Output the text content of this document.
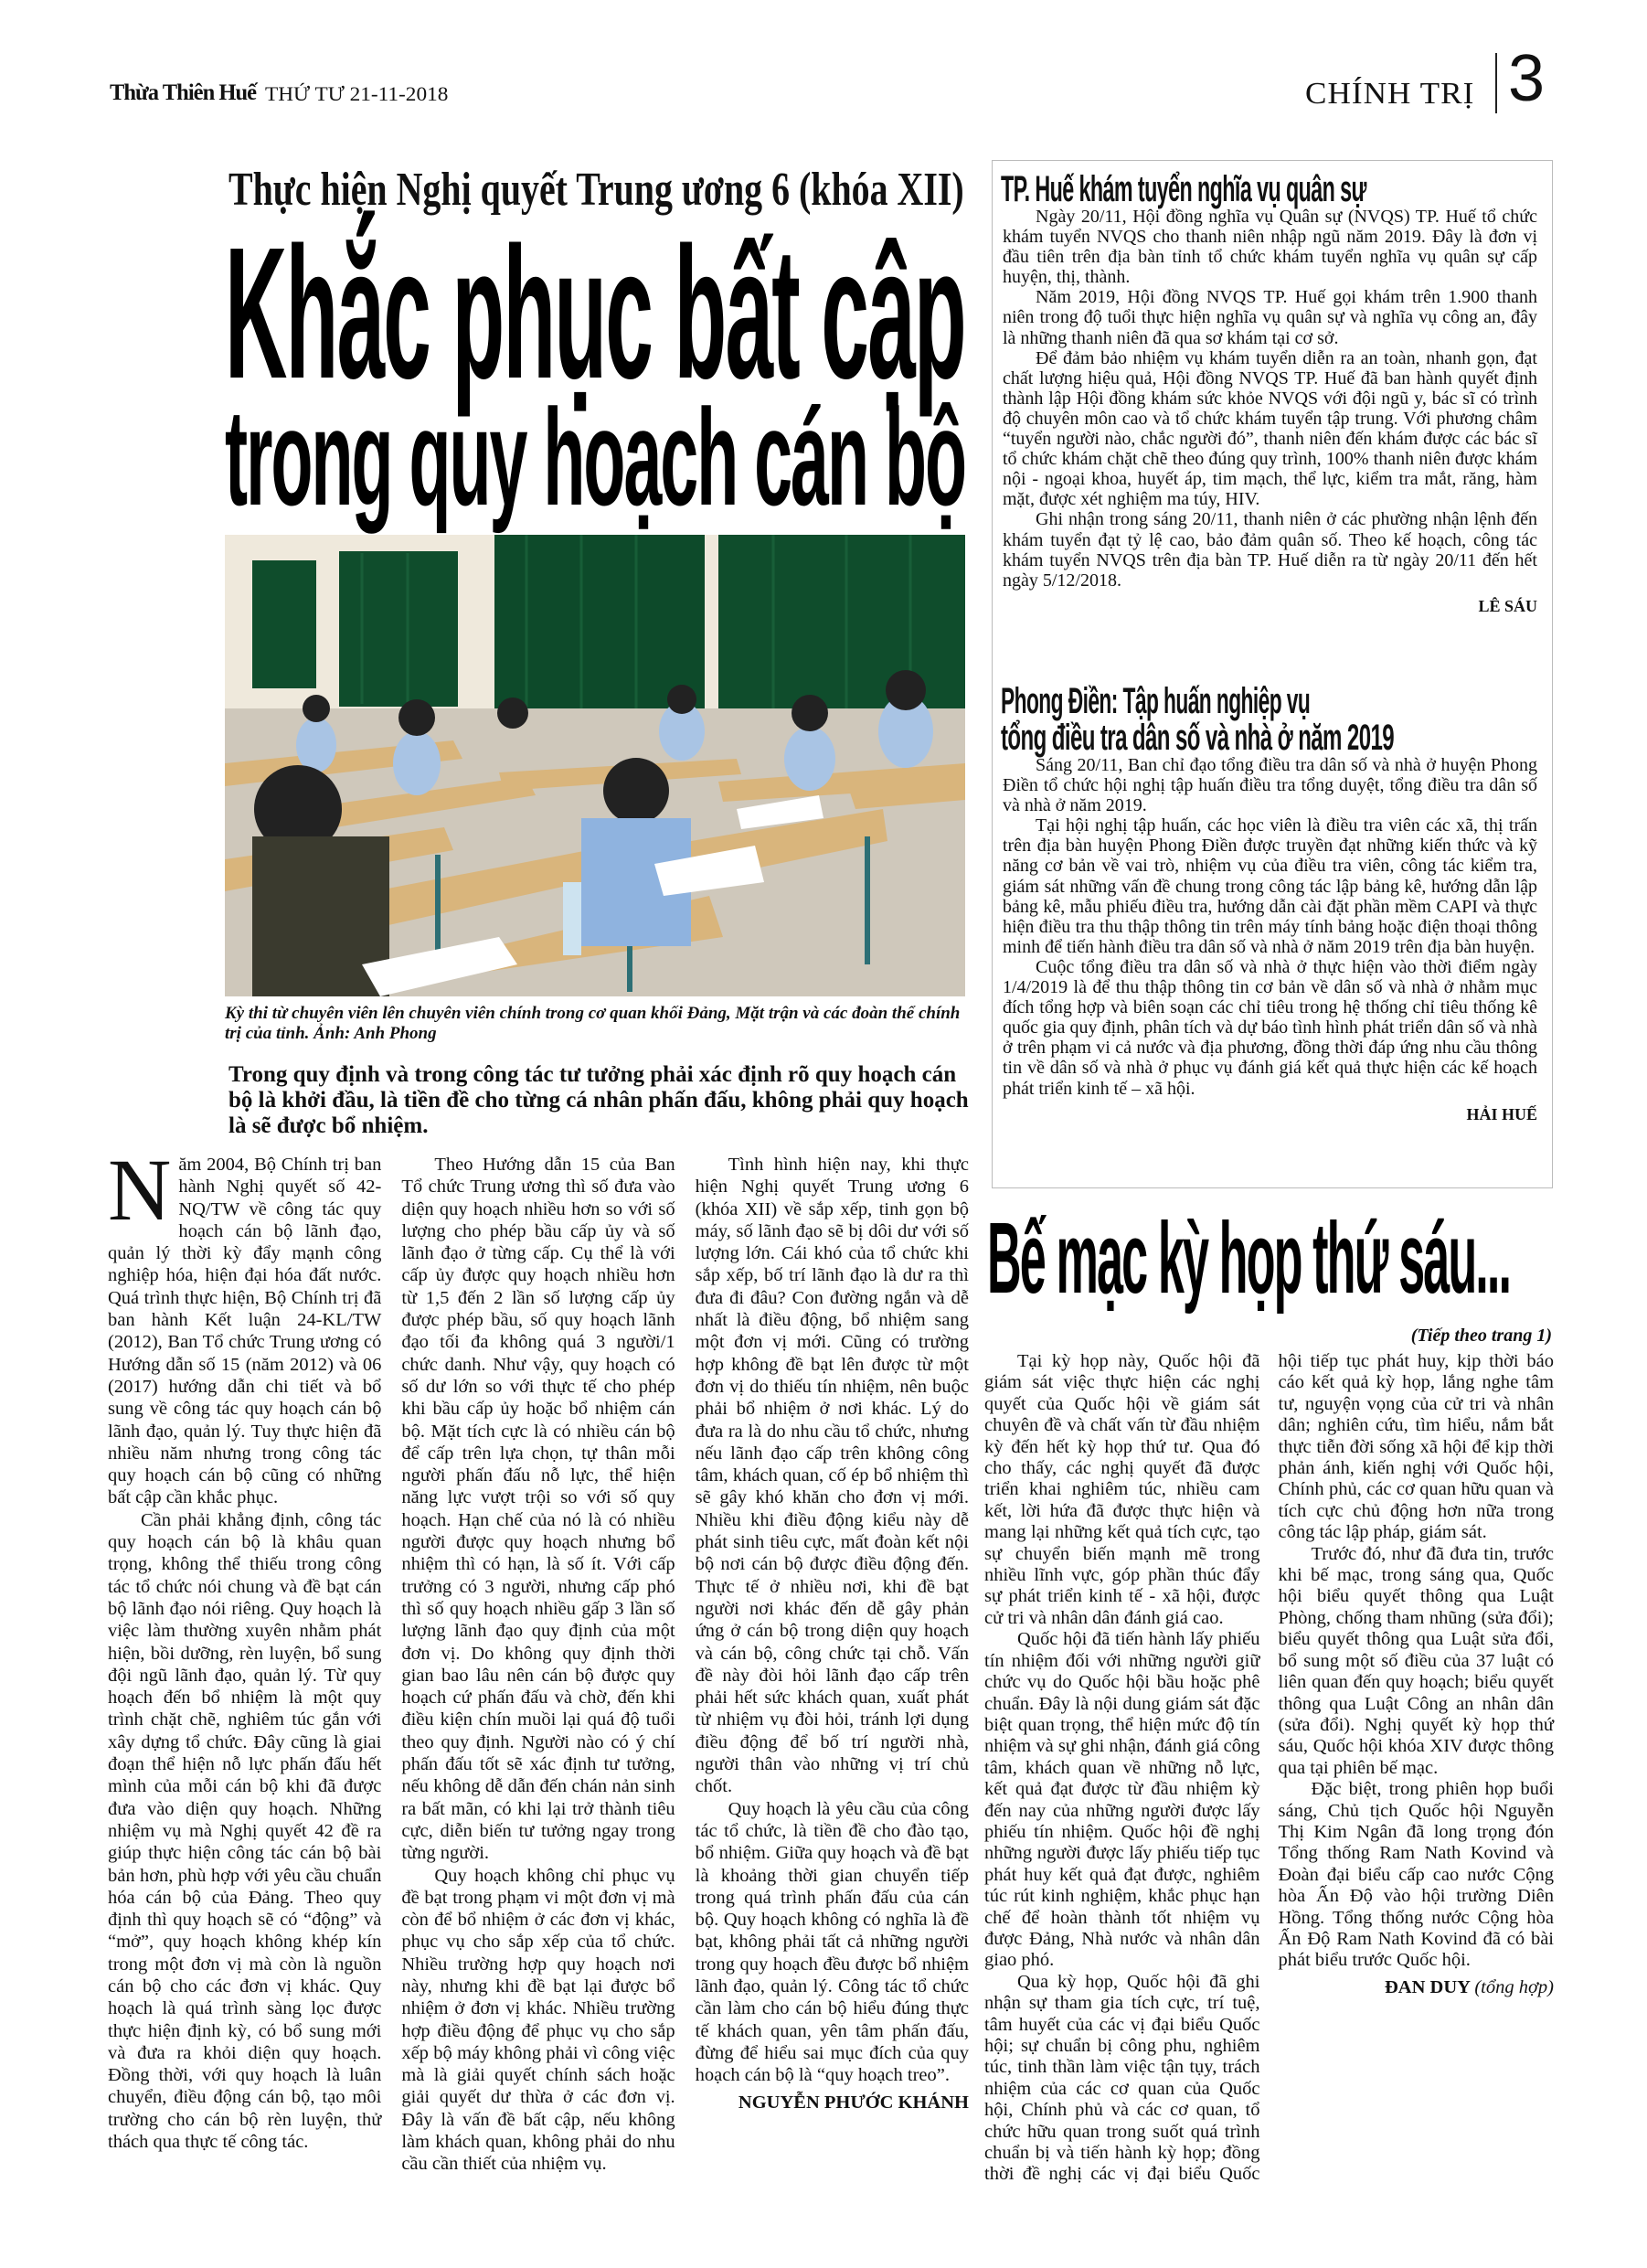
Thừa Thiên Huế THỨ TƯ 21-11-2018	CHÍNH TRỊ 3
Thực hiện Nghị quyết Trung ương 6 (khóa XII)
Khắc phục bất cập
trong quy hoạch cán bộ
Kỳ thi từ chuyên viên lên chuyên viên chính trong cơ quan khối Đảng, Mặt trận và các đoàn thể chính trị của tỉnh. Ảnh: Anh Phong
Trong quy định và trong công tác tư tưởng phải xác định rõ quy hoạch cán bộ là khởi đầu, là tiền đề cho từng cá nhân phấn đấu, không phải quy hoạch là sẽ được bổ nhiệm.

Năm 2004, Bộ Chính trị ban hành Nghị quyết số 42- NQ/TW về công tác quy hoạch cán bộ lãnh đạo, quản lý thời kỳ đẩy mạnh công nghiệp hóa, hiện đại hóa đất nước. Quá trình thực hiện, Bộ Chính trị đã ban hành Kết luận 24-KL/TW (2012), Ban Tổ chức Trung ương có Hướng dẫn số 15 (năm 2012) và 06 (2017) hướng dẫn chi tiết và bổ sung về công tác quy hoạch cán bộ lãnh đạo, quản lý. Tuy thực hiện đã nhiều năm nhưng trong công tác quy hoạch cán bộ cũng có những bất cập cần khắc phục.

Cần phải khẳng định, công tác quy hoạch cán bộ là khâu quan trọng, không thể thiếu trong công tác tổ chức nói chung và đề bạt cán bộ lãnh đạo nói riêng. Quy hoạch là việc làm thường xuyên nhằm phát hiện, bồi dưỡng, rèn luyện, bổ sung đội ngũ lãnh đạo, quản lý. Từ quy hoạch đến bổ nhiệm là một quy trình chặt chẽ, nghiêm túc gắn với xây dựng tổ chức. Đây cũng là giai đoạn thể hiện nỗ lực phấn đấu hết mình của mỗi cán bộ khi đã được đưa vào diện quy hoạch. Những nhiệm vụ mà Nghị quyết 42 đề ra giúp thực hiện công tác cán bộ bài bản hơn, phù hợp với yêu cầu chuẩn hóa cán bộ của Đảng. Theo quy định thì quy hoạch sẽ có “động” và “mở”, quy hoạch không khép kín trong một đơn vị mà còn là nguồn cán bộ cho các đơn vị khác. Quy hoạch là quá trình sàng lọc được thực hiện định kỳ, có bổ sung mới và đưa ra khỏi diện quy hoạch. Đồng thời, với quy hoạch là luân chuyển, điều động cán bộ, tạo môi trường cho cán bộ rèn luyện, thử thách qua thực tế công tác.

Theo Hướng dẫn 15 của Ban Tổ chức Trung ương thì số đưa vào diện quy hoạch nhiều hơn so với số lượng cho phép bầu cấp ủy và số lãnh đạo ở từng cấp. Cụ thể là với cấp ủy được quy hoạch nhiều hơn từ 1,5 đến 2 lần số lượng cấp ủy được phép bầu, số quy hoạch lãnh đạo tối đa không quá 3 người/1 chức danh. Như vậy, quy hoạch có số dư lớn so với thực tế cho phép khi bầu cấp ủy hoặc bổ nhiệm cán bộ. Mặt tích cực là có nhiều cán bộ để cấp trên lựa chọn, tự thân mỗi người phấn đấu nỗ lực, thể hiện năng lực vượt trội so với số quy hoạch. Hạn chế của nó là có nhiều người được quy hoạch nhưng bổ nhiệm thì có hạn, là số ít. Với cấp trưởng có 3 người, nhưng cấp phó thì số quy hoạch nhiều gấp 3 lần số lượng lãnh đạo quy định của một đơn vị. Do không quy định thời gian bao lâu nên cán bộ được quy hoạch cứ phấn đấu và chờ, đến khi điều kiện chín muồi lại quá độ tuổi theo quy định. Người nào có ý chí phấn đấu tốt sẽ xác định tư tưởng, nếu không dễ dẫn đến chán nản sinh ra bất mãn, có khi lại trở thành tiêu cực, diễn biến tư tưởng ngay trong từng người.

Quy hoạch không chỉ phục vụ đề bạt trong phạm vi một đơn vị mà còn để bổ nhiệm ở các đơn vị khác, phục vụ cho sắp xếp của tổ chức. Nhiều trường hợp quy hoạch nơi này, nhưng khi đề bạt lại được bổ nhiệm ở đơn vị khác. Nhiều trường hợp điều động để phục vụ cho sắp xếp bộ máy không phải vì công việc mà là giải quyết chính sách hoặc giải quyết dư thừa ở các đơn vị. Đây là vấn đề bất cập, nếu không làm khách quan, không phải do nhu cầu cần thiết của nhiệm vụ.

Tình hình hiện nay, khi thực hiện Nghị quyết Trung ương 6 (khóa XII) về sắp xếp, tinh gọn bộ máy, số lãnh đạo sẽ bị dôi dư với số lượng lớn. Cái khó của tổ chức khi sắp xếp, bố trí lãnh đạo là dư ra thì đưa đi đâu? Con đường ngắn và dễ nhất là điều động, bổ nhiệm sang một đơn vị mới. Cũng có trường hợp không đề bạt lên được từ một đơn vị do thiếu tín nhiệm, nên buộc phải bổ nhiệm ở nơi khác. Lý do đưa ra là do nhu cầu tổ chức, nhưng nếu lãnh đạo cấp trên không công tâm, khách quan, cố ép bổ nhiệm thì sẽ gây khó khăn cho đơn vị mới. Nhiều khi điều động kiểu này dễ phát sinh tiêu cực, mất đoàn kết nội bộ nơi cán bộ được điều động đến. Thực tế ở nhiều nơi, khi đề bạt người nơi khác đến dễ gây phản ứng ở cán bộ trong diện quy hoạch và cán bộ, công chức tại chỗ. Vấn đề này đòi hỏi lãnh đạo cấp trên phải hết sức khách quan, xuất phát từ nhiệm vụ đòi hỏi, tránh lợi dụng điều động để bố trí người nhà, người thân vào những vị trí chủ chốt.

Quy hoạch là yêu cầu của công tác tổ chức, là tiền đề cho đào tạo, bổ nhiệm. Giữa quy hoạch và đề bạt là khoảng thời gian chuyển tiếp trong quá trình phấn đấu của cán bộ. Quy hoạch không có nghĩa là đề bạt, không phải tất cả những người trong quy hoạch đều được bổ nhiệm lãnh đạo, quản lý. Công tác tổ chức cần làm cho cán bộ hiểu đúng thực tế khách quan, yên tâm phấn đấu, đừng để hiểu sai mục đích của quy hoạch cán bộ là “quy hoạch treo”.

NGUYỄN PHƯỚC KHÁNH

TP. Huế khám tuyển nghĩa vụ quân sự

Ngày 20/11, Hội đồng nghĩa vụ Quân sự (NVQS) TP. Huế tổ chức khám tuyển NVQS cho thanh niên nhập ngũ năm 2019. Đây là đơn vị đầu tiên trên địa bàn tỉnh tổ chức khám tuyển nghĩa vụ quân sự cấp huyện, thị, thành.

Năm 2019, Hội đồng NVQS TP. Huế gọi khám trên 1.900 thanh niên trong độ tuổi thực hiện nghĩa vụ quân sự và nghĩa vụ công an, đây là những thanh niên đã qua sơ khám tại cơ sở.

Để đảm bảo nhiệm vụ khám tuyển diễn ra an toàn, nhanh gọn, đạt chất lượng hiệu quả, Hội đồng NVQS TP. Huế đã ban hành quyết định thành lập Hội đồng khám sức khỏe NVQS với đội ngũ y, bác sĩ có trình độ chuyên môn cao và tổ chức khám tuyển tập trung. Với phương châm “tuyển người nào, chắc người đó”, thanh niên đến khám được các bác sĩ tổ chức khám chặt chẽ theo đúng quy trình, 100% thanh niên được khám nội - ngoại khoa, huyết áp, tim mạch, thể lực, kiểm tra mắt, răng, hàm mặt, được xét nghiệm ma túy, HIV.

Ghi nhận trong sáng 20/11, thanh niên ở các phường nhận lệnh đến khám tuyển đạt tỷ lệ cao, bảo đảm quân số. Theo kế hoạch, công tác khám tuyển NVQS trên địa bàn TP. Huế diễn ra từ ngày 20/11 đến hết ngày 5/12/2018.

LÊ SÁU

Phong Điền: Tập huấn nghiệp vụ
tổng điều tra dân số và nhà ở năm 2019

Sáng 20/11, Ban chỉ đạo tổng điều tra dân số và nhà ở huyện Phong Điền tổ chức hội nghị tập huấn điều tra tổng duyệt, tổng điều tra dân số và nhà ở năm 2019.

Tại hội nghị tập huấn, các học viên là điều tra viên các xã, thị trấn trên địa bàn huyện Phong Điền được truyền đạt những kiến thức và kỹ năng cơ bản về vai trò, nhiệm vụ của điều tra viên, công tác kiểm tra, giám sát những vấn đề chung trong công tác lập bảng kê, hướng dẫn lập bảng kê, mẫu phiếu điều tra, hướng dẫn cài đặt phần mềm CAPI và thực hiện điều tra thu thập thông tin trên máy tính bảng hoặc điện thoại thông minh để tiến hành điều tra dân số và nhà ở năm 2019 trên địa bàn huyện.

Cuộc tổng điều tra dân số và nhà ở thực hiện vào thời điểm ngày 1/4/2019 là để thu thập thông tin cơ bản về dân số và nhà ở nhằm mục đích tổng hợp và biên soạn các chỉ tiêu trong hệ thống chỉ tiêu thống kê quốc gia quy định, phân tích và dự báo tình hình phát triển dân số và nhà ở trên phạm vi cả nước và địa phương, đồng thời đáp ứng nhu cầu thông tin về dân số và nhà ở phục vụ đánh giá kết quả thực hiện các kế hoạch phát triển kinh tế – xã hội.

HẢI HUẾ

Bế mạc kỳ họp thứ sáu...
(Tiếp theo trang 1)

Tại kỳ họp này, Quốc hội đã giám sát việc thực hiện các nghị quyết của Quốc hội về giám sát chuyên đề và chất vấn từ đầu nhiệm kỳ đến hết kỳ họp thứ tư. Qua đó cho thấy, các nghị quyết đã được triển khai nghiêm túc, nhiều cam kết, lời hứa đã được thực hiện và mang lại những kết quả tích cực, tạo sự chuyển biến mạnh mẽ trong nhiều lĩnh vực, góp phần thúc đẩy sự phát triển kinh tế - xã hội, được cử tri và nhân dân đánh giá cao.

Quốc hội đã tiến hành lấy phiếu tín nhiệm đối với những người giữ chức vụ do Quốc hội bầu hoặc phê chuẩn. Đây là nội dung giám sát đặc biệt quan trọng, thể hiện mức độ tín nhiệm và sự ghi nhận, đánh giá công tâm, khách quan về những nỗ lực, kết quả đạt được từ đầu nhiệm kỳ đến nay của những người được lấy phiếu tín nhiệm. Quốc hội đề nghị những người được lấy phiếu tiếp tục phát huy kết quả đạt được, nghiêm túc rút kinh nghiệm, khắc phục hạn chế để hoàn thành tốt nhiệm vụ được Đảng, Nhà nước và nhân dân giao phó.

Qua kỳ họp, Quốc hội đã ghi nhận sự tham gia tích cực, trí tuệ, tâm huyết của các vị đại biểu Quốc hội; sự chuẩn bị công phu, nghiêm túc, tinh thần làm việc tận tụy, trách nhiệm của các cơ quan của Quốc hội, Chính phủ và các cơ quan, tổ chức hữu quan trong suốt quá trình chuẩn bị và tiến hành kỳ họp; đồng thời đề nghị các vị đại biểu Quốc hội tiếp tục phát huy, kịp thời báo cáo kết quả kỳ họp, lắng nghe tâm tư, nguyện vọng của cử tri và nhân dân; nghiên cứu, tìm hiểu, nắm bắt thực tiễn đời sống xã hội để kịp thời phản ánh, kiến nghị với Quốc hội, Chính phủ, các cơ quan hữu quan và tích cực chủ động hơn nữa trong công tác lập pháp, giám sát.

Trước đó, như đã đưa tin, trước khi bế mạc, trong sáng qua, Quốc hội biểu quyết thông qua Luật Phòng, chống tham nhũng (sửa đổi); biểu quyết thông qua Luật sửa đổi, bổ sung một số điều của 37 luật có liên quan đến quy hoạch; biểu quyết thông qua Luật Công an nhân dân (sửa đổi). Nghị quyết kỳ họp thứ sáu, Quốc hội khóa XIV được thông qua tại phiên bế mạc.

Đặc biệt, trong phiên họp buổi sáng, Chủ tịch Quốc hội Nguyễn Thị Kim Ngân đã long trọng đón Tổng thống Ram Nath Kovind và Đoàn đại biểu cấp cao nước Cộng hòa Ấn Độ vào hội trường Diên Hồng. Tổng thống nước Cộng hòa Ấn Độ Ram Nath Kovind đã có bài phát biểu trước Quốc hội.

ĐAN DUY (tổng hợp)
